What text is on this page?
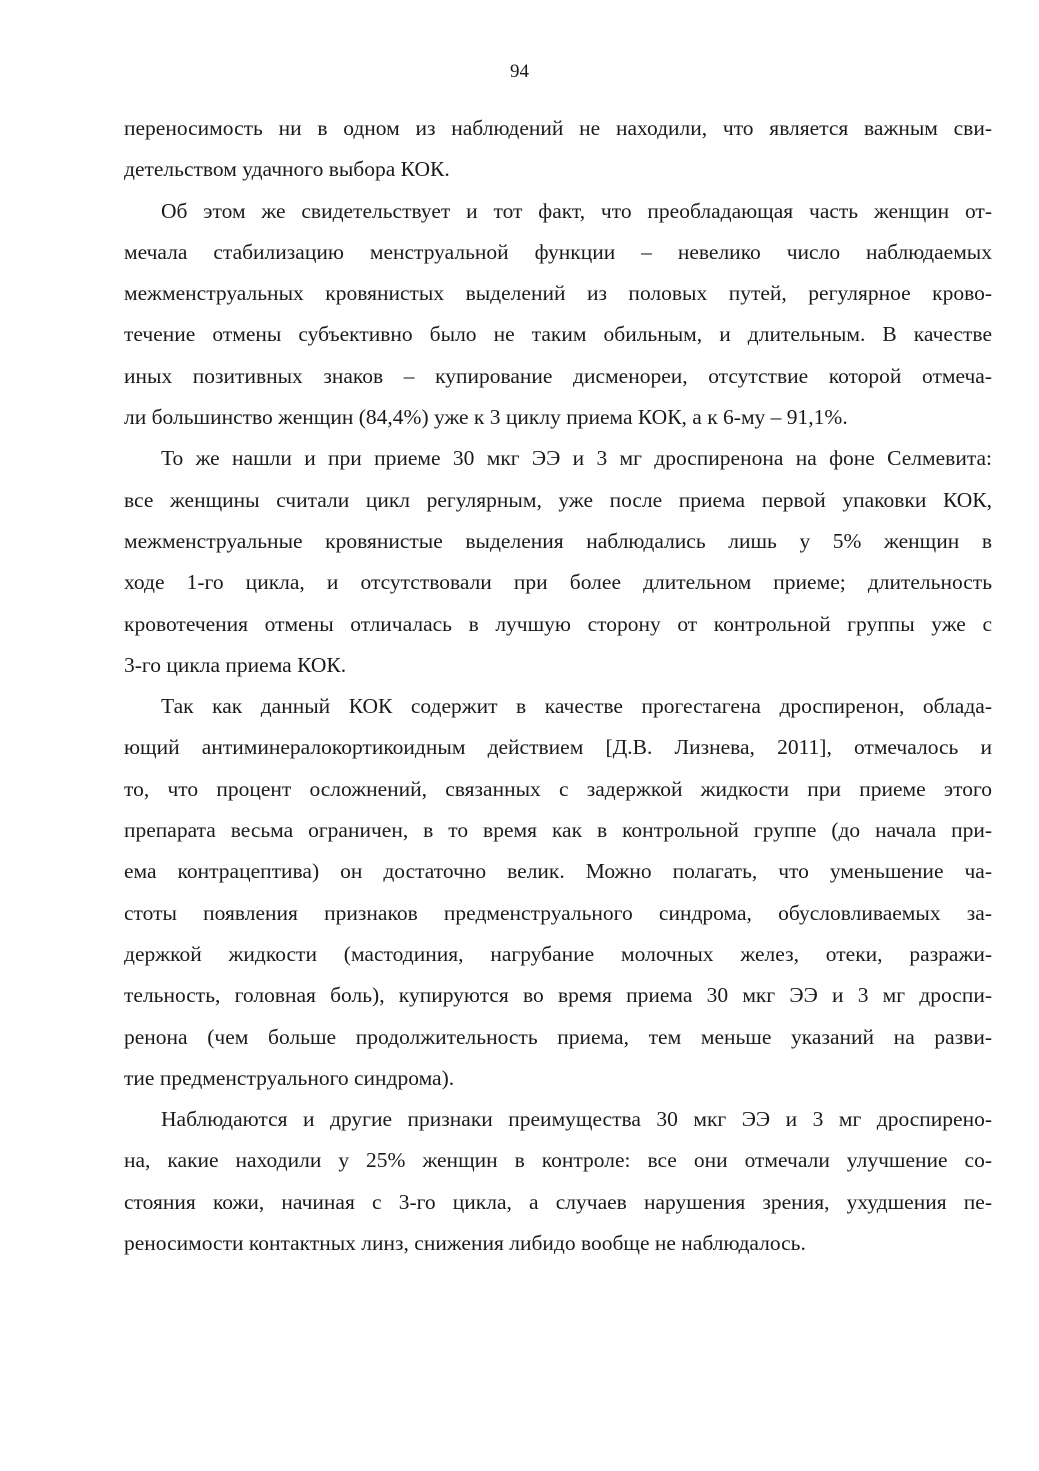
94
переносимость ни в одном из наблюдений не находили, что является важным сви-
детельством удачного выбора КОК.
Об этом же свидетельствует и тот факт, что преобладающая часть женщин от-
мечала стабилизацию менструальной функции – невелико число наблюдаемых
межменструальных кровянистых выделений из половых путей, регулярное крово-
течение отмены субъективно было не таким обильным, и длительным. В качестве
иных позитивных знаков – купирование дисменореи, отсутствие которой отмеча-
ли большинство женщин (84,4%) уже к 3 циклу приема КОК, а к 6-му – 91,1%.
То же нашли и при приеме 30 мкг ЭЭ и 3 мг дроспиренона на фоне Селмевита:
все женщины считали цикл регулярным, уже после приема первой упаковки КОК,
межменструальные кровянистые выделения наблюдались лишь у 5% женщин в
ходе 1-го цикла, и отсутствовали при более длительном приеме; длительность
кровотечения отмены отличалась в лучшую сторону от контрольной группы уже с
3-го цикла приема КОК.
Так как данный КОК содержит в качестве прогестагена дроспиренон, облада-
ющий антиминералокортикоидным действием [Д.В. Лизнева, 2011], отмечалось и
то, что процент осложнений, связанных с задержкой жидкости при приеме этого
препарата весьма ограничен, в то время как в контрольной группе (до начала при-
ема контрацептива) он достаточно велик. Можно полагать, что уменьшение ча-
стоты появления признаков предменструального синдрома, обусловливаемых за-
держкой жидкости (мастодиния, нагрубание молочных желез, отеки, разражи-
тельность, головная боль), купируются во время приема 30 мкг ЭЭ и 3 мг дроспи-
ренона (чем больше продолжительность приема, тем меньше указаний на разви-
тие предменструального синдрома).
Наблюдаются и другие признаки преимущества 30 мкг ЭЭ и 3 мг дроспирено-
на, какие находили у 25% женщин в контроле: все они отмечали улучшение со-
стояния кожи, начиная с 3-го цикла, а случаев нарушения зрения, ухудшения пе-
реносимости контактных линз, снижения либидо вообще не наблюдалось.
